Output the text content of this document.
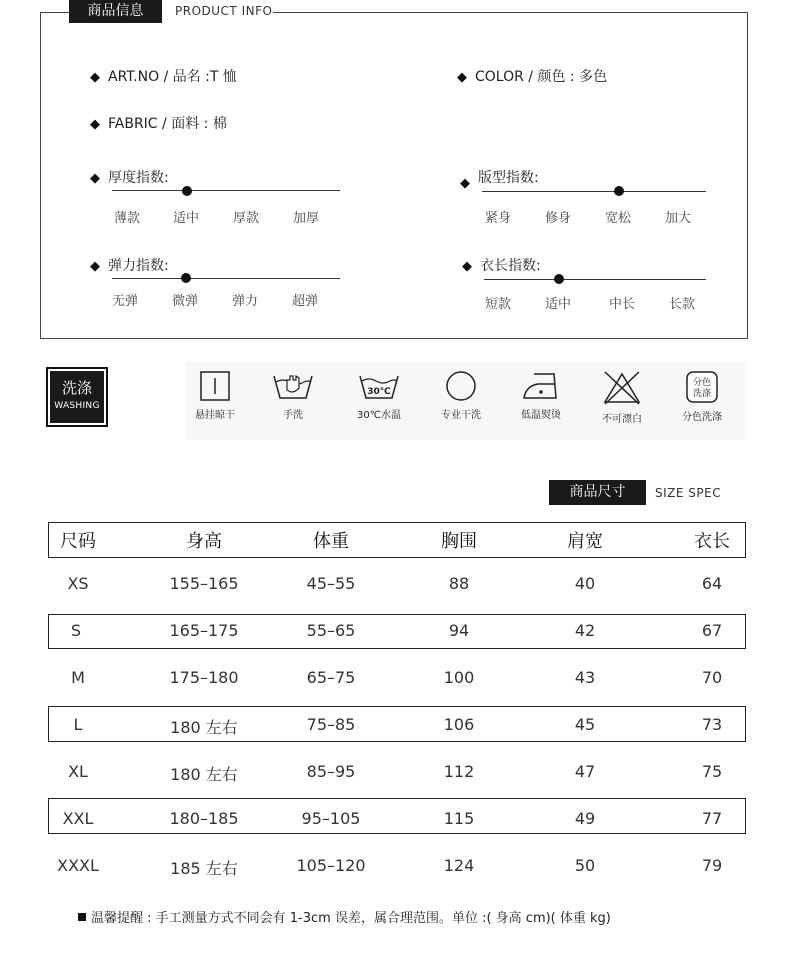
商品信息	PRODUCT INFO
◆ ART.NO / 品名 :T 恤	◆ COLOR / 颜色 : 多色
◆ FABRIC / 面料 : 棉
◆ 厚度指数:
薄款	适中	厚款	加厚
◆ 版型指数:
紧身	修身	宽松	加大
◆ 弹力指数:
无弹	微弹	弹力	超弹
◆ 衣长指数:
短款	适中	中长	长款
洗涤
WASHING
悬挂晾干	手洗
30℃
30℃水温	专业干洗	低温熨烫	不可漂白
分色
洗涤
分色洗涤
商品尺寸	SIZE SPEC
尺码	身高	体重	胸围	肩宽	衣长
XS	155–165	45–55	88	40	64
S	165–175	55–65	94	42	67
M	175–180	65–75	100	43	70
L	180 左右	75–85	106	45	73
XL	180 左右	85–95	112	47	75
XXL	180–185	95–105	115	49	77
XXXL	185 左右	105–120	124	50	79
温馨提醒 : 手工测量方式不同会有 1-3cm 误差，属合理范围。单位 :( 身高 cm)( 体重 kg)
